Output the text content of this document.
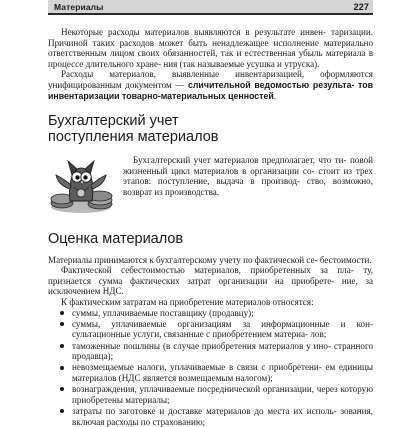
Материалы	227

Некоторые расходы материалов выявляются в результате инвен- таризации. Причиной таких расходов может быть ненадлежащее исполнение материально ответственным лицом своих обязанностей, так и естественная убыль материала в процессе длительного хране- ния (так называемые усушка и утруска).

Расходы материалов, выявленные инвентаризацией, оформляются унифицированным документом — сличительной ведомостью результа- тов инвентаризации товарно-материальных ценностей.

Бухгалтерский учет
поступления материалов

Бухгалтерский учет материалов предполагает, что ти- повой жизненный цикл материалов в организации со- стоит из трех этапов: поступление, выдача в производ- ство, возможно, возврат из производства.

Оценка материалов

Материалы принимаются к бухгалтерскому учету по фактической се- бестоимости.

Фактической себестоимостью материалов, приобретенных за пла- ту, признается сумма фактических затрат организации на приобрете- ние, за исключением НДС.

К фактическим затратам на приобретение материалов относятся:

суммы, уплачиваемые поставщику (продавцу);
суммы, уплачиваемые организациям за информационные и кон- сультационные услуги, связанные с приобретением материа- лов;
таможенные пошлины (в случае приобретения материалов у ино- странного продавца);
невозмещаемые налоги, уплачиваемые в связи с приобретени- ем единицы материалов (НДС является возмещаемым налогом);
вознаграждения, уплачиваемые посреднической организации, через которую приобретены материалы;
затраты по заготовке и доставке материалов до места их исполь- зования, включая расходы по страхованию;
